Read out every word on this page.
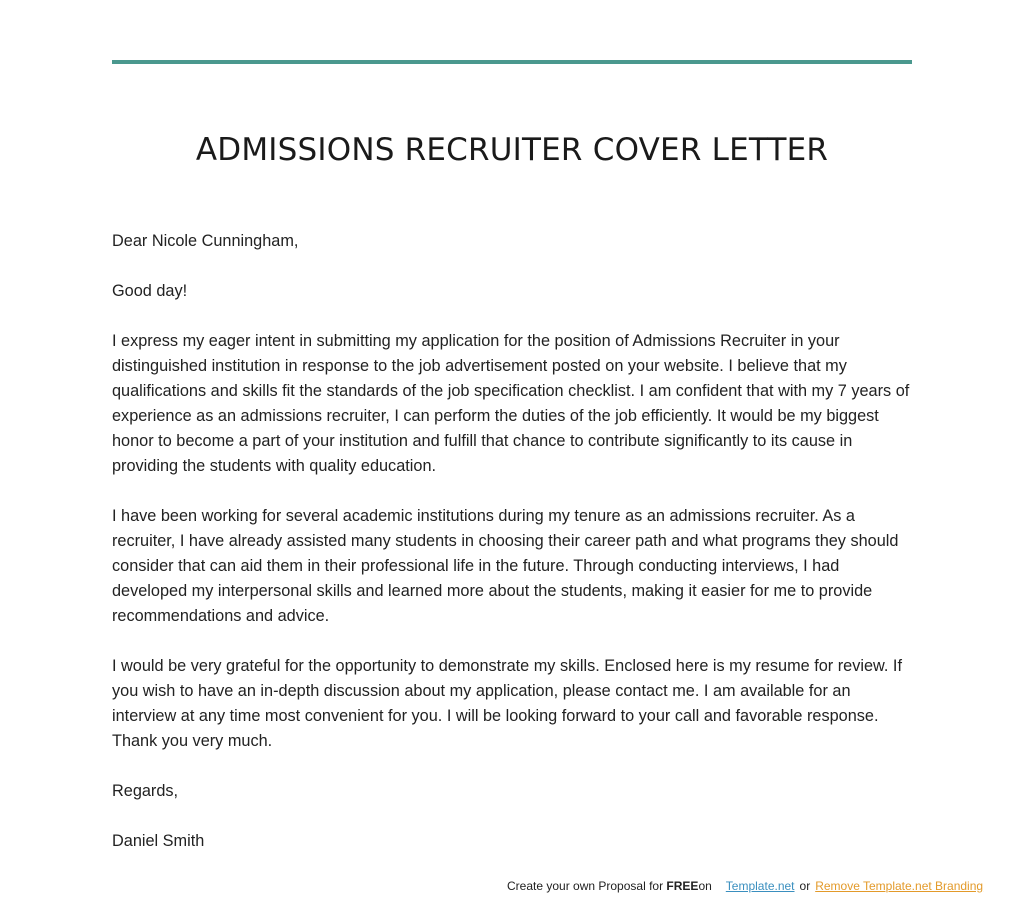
ADMISSIONS RECRUITER COVER LETTER

Dear Nicole Cunningham,

Good day!

I express my eager intent in submitting my application for the position of Admissions Recruiter in your distinguished institution in response to the job advertisement posted on your website. I believe that my qualifications and skills fit the standards of the job specification checklist. I am confident that with my 7 years of experience as an admissions recruiter, I can perform the duties of the job efficiently. It would be my biggest honor to become a part of your institution and fulfill that chance to contribute significantly to its cause in providing the students with quality education.

I have been working for several academic institutions during my tenure as an admissions recruiter. As a recruiter, I have already assisted many students in choosing their career path and what programs they should consider that can aid them in their professional life in the future. Through conducting interviews, I had developed my interpersonal skills and learned more about the students, making it easier for me to provide recommendations and advice.

I would be very grateful for the opportunity to demonstrate my skills. Enclosed here is my resume for review. If you wish to have an in-depth discussion about my application, please contact me. I am available for an interview at any time most convenient for you. I will be looking forward to your call and favorable response. Thank you very much.

Regards,

Daniel Smith

Create your own Proposal for FREEon Template.net or Remove Template.net Branding
